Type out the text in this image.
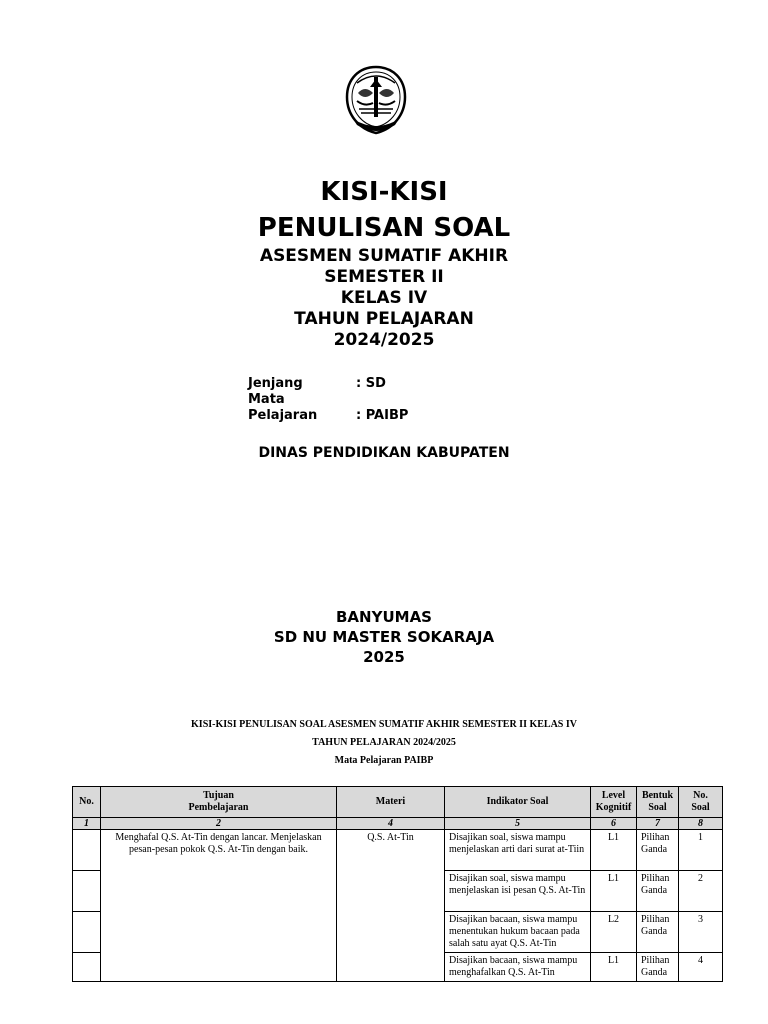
KISI-KISI
PENULISAN SOAL
ASESMEN SUMATIF AKHIR
SEMESTER II
KELAS IV
TAHUN PELAJARAN
2024/2025
Jenjang	: SD
Mata Pelajaran	: PAIBP
DINAS PENDIDIKAN KABUPATEN
BANYUMAS
SD NU MASTER SOKARAJA
2025
KISI-KISI PENULISAN SOAL ASESMEN SUMATIF AKHIR SEMESTER II KELAS IV
TAHUN PELAJARAN 2024/2025
Mata Pelajaran PAIBP
No.	Tujuan Pembelajaran	Materi	Indikator Soal	Level Kognitif	Bentuk Soal	No. Soal
1	2	4	5	6	7	8
	Menghafal Q.S. At-Tin dengan lancar. Menjelaskan pesan-pesan pokok Q.S. At-Tin dengan baik.	Q.S. At-Tin	Disajikan soal, siswa mampu menjelaskan arti dari surat at-Tiin	L1	Pilihan Ganda	1
			Disajikan soal, siswa mampu menjelaskan isi pesan Q.S. At-Tin	L1	Pilihan Ganda	2
			Disajikan bacaan, siswa mampu menentukan hukum bacaan pada salah satu ayat Q.S. At-Tin	L2	Pilihan Ganda	3
			Disajikan bacaan, siswa mampu menghafalkan Q.S. At-Tin	L1	Pilihan Ganda	4
